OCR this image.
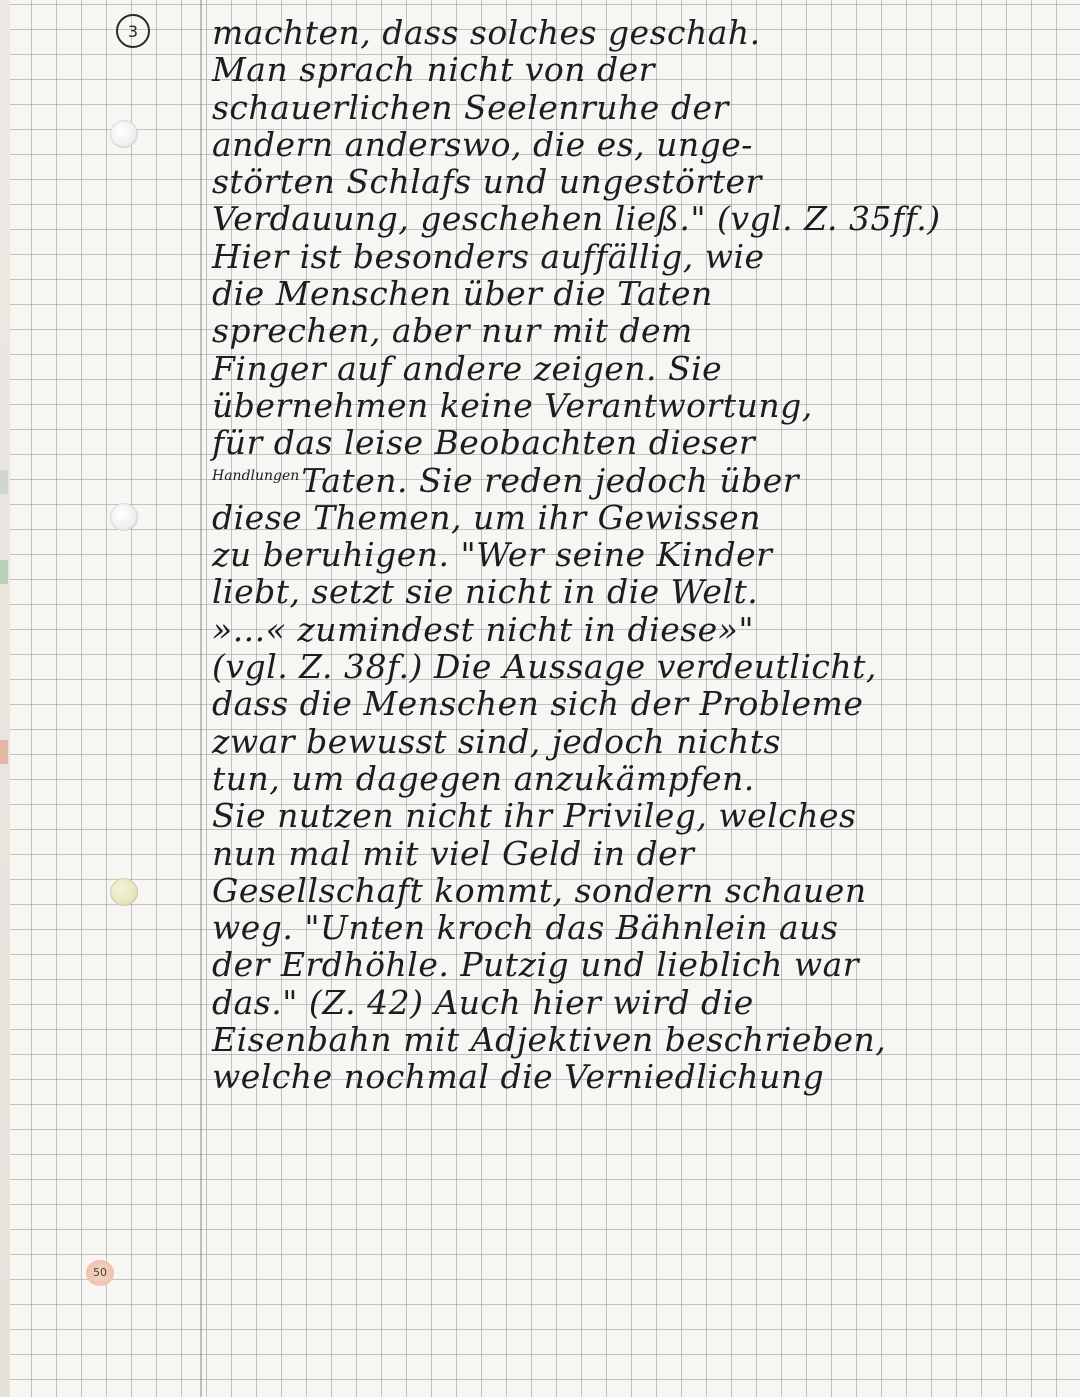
3
50
machten, dass solches geschah.
Man sprach nicht von der
schauerlichen Seelenruhe der
andern anderswo, die es, unge-
störten Schlafs und ungestörter
Verdauung, geschehen ließ." (vgl. Z. 35ff.)
Hier ist besonders auffällig, wie
die Menschen über die Taten
sprechen, aber nur mit dem
Finger auf andere zeigen. Sie
übernehmen keine Verantwortung,
für das leise Beobachten dieser
$^{Handlungen}$Taten. Sie reden jedoch über
diese Themen, um ihr Gewissen
zu beruhigen. "Wer seine Kinder
liebt, setzt sie nicht in die Welt.
»...« zumindest nicht in diese»"
(vgl. Z. 38f.) Die Aussage verdeutlicht,
dass die Menschen sich der Probleme
zwar bewusst sind, jedoch nichts
tun, um dagegen anzukämpfen.
Sie nutzen nicht ihr Privileg, welches
nun mal mit viel Geld in der
Gesellschaft kommt, sondern schauen
weg. "Unten kroch das Bähnlein aus
der Erdhöhle. Putzig und lieblich war
das." (Z. 42) Auch hier wird die
Eisenbahn mit Adjektiven beschrieben,
welche nochmal die Verniedlichung
